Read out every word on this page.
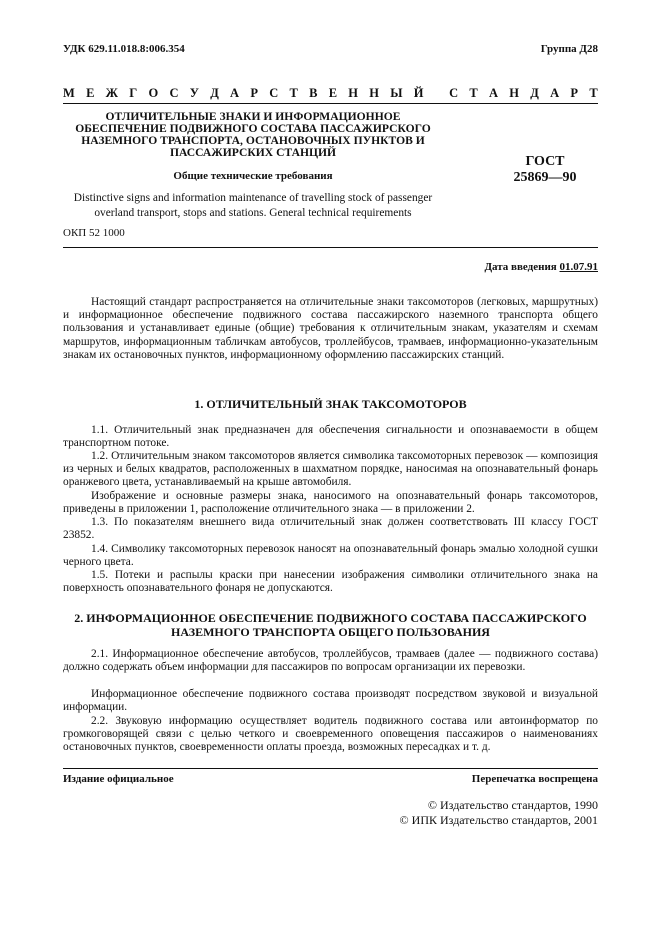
УДК 629.11.018.8:006.354	Группа Д28
М Е Ж Г О С У Д А Р С Т В Е Н Н Ы Й
С Т А Н Д А Р Т
ОТЛИЧИТЕЛЬНЫЕ ЗНАКИ И ИНФОРМАЦИОННОЕ ОБЕСПЕЧЕНИЕ ПОДВИЖНОГО СОСТАВА ПАССАЖИРСКОГО НАЗЕМНОГО ТРАНСПОРТА, ОСТАНОВОЧНЫХ ПУНКТОВ И ПАССАЖИРСКИХ СТАНЦИЙ
ГОСТ
25869—90
Общие технические требования
Distinctive signs and information maintenance of travelling stock of passenger overland transport, stops and stations. General technical requirements
ОКП 52 1000
Дата введения 01.07.91
Настоящий стандарт распространяется на отличительные знаки таксомоторов (легковых, маршрутных) и информационное обеспечение подвижного состава пассажирского наземного транспорта общего пользования и устанавливает единые (общие) требования к отличительным знакам, указателям и схемам маршрутов, информационным табличкам автобусов, троллейбусов, трамваев, информационно-указательным знакам их остановочных пунктов, информационному оформлению пассажирских станций.
1. ОТЛИЧИТЕЛЬНЫЙ ЗНАК ТАКСОМОТОРОВ
1.1. Отличительный знак предназначен для обеспечения сигнальности и опознаваемости в общем транспортном потоке.
1.2. Отличительным знаком таксомоторов является символика таксомоторных перевозок — композиция из черных и белых квадратов, расположенных в шахматном порядке, наносимая на опознавательный фонарь оранжевого цвета, устанавливаемый на крыше автомобиля.
Изображение и основные размеры знака, наносимого на опознавательный фонарь таксомоторов, приведены в приложении 1, расположение отличительного знака — в приложении 2.
1.3. По показателям внешнего вида отличительный знак должен соответствовать III классу ГОСТ 23852.
1.4. Символику таксомоторных перевозок наносят на опознавательный фонарь эмалью холодной сушки черного цвета.
1.5. Потеки и распылы краски при нанесении изображения символики отличительного знака на поверхность опознавательного фонаря не допускаются.
2. ИНФОРМАЦИОННОЕ ОБЕСПЕЧЕНИЕ ПОДВИЖНОГО СОСТАВА ПАССАЖИРСКОГО НАЗЕМНОГО ТРАНСПОРТА ОБЩЕГО ПОЛЬЗОВАНИЯ
2.1. Информационное обеспечение автобусов, троллейбусов, трамваев (далее — подвижного состава) должно содержать объем информации для пассажиров по вопросам организации их перевозки.
Информационное обеспечение подвижного состава производят посредством звуковой и визуальной информации.
2.2. Звуковую информацию осуществляет водитель подвижного состава или автоинформатор по громкоговорящей связи с целью четкого и своевременного оповещения пассажиров о наименованиях остановочных пунктов, своевременности оплаты проезда, возможных пересадках и т. д.
Издание официальное	Перепечатка воспрещена
© Издательство стандартов, 1990
© ИПК Издательство стандартов, 2001
